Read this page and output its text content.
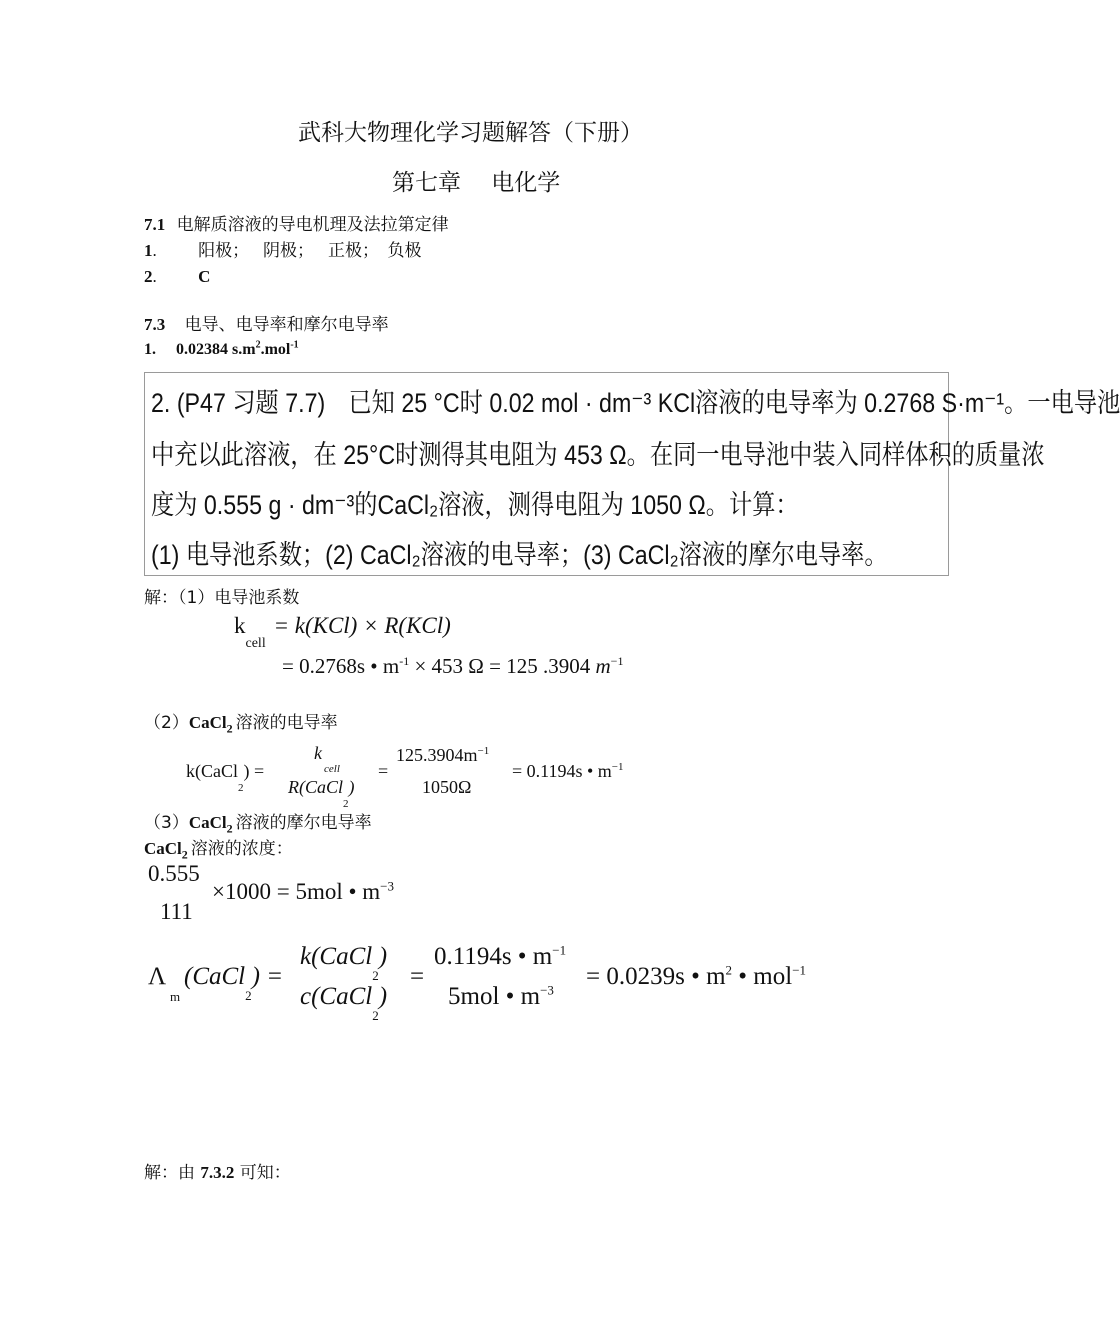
武科大物理化学习题解答（下册）
第七章　 电化学
7.1 电解质溶液的导电机理及法拉第定律
1. 阳极；　 阴极；　 正极；　负极
2. C
7.3 电导、电导率和摩尔电导率
1. 0.02384 $s.m^2.mol^{-1}$
2. (P47 习题 7.7)　已知 25 °C时 0.02 mol · dm⁻³ KCl溶液的电导率为 0.2768 S·m⁻¹。一电导池
中充以此溶液，在 25°C时测得其电阻为 453 Ω。在同一电导池中装入同样体积的质量浓
度为 0.555 g · dm⁻³的CaCl₂溶液，测得电阻为 1050 Ω。计算：
(1) 电导池系数；(2) CaCl₂溶液的电导率；(3) CaCl₂溶液的摩尔电导率。
解：（1）电导池系数
$k_{cell} = k(KCl) \times R(KCl)$
= 0.2768s • $m^{-1} \times 453$ Ω = 125 .3904 $m^{-1}$
（2）CaCl$_2$ 溶液的电导率
k(CaCl$_2$) =
k
cell
R(CaCl$_2$)
=
$125.3904m^{-1}$
1050Ω
= 0.1194s • $m^{-1}$
（3）CaCl$_2$ 溶液的摩尔电导率
CaCl$_2$ 溶液的浓度：
0.555
111
×1000 = 5mol • $m^{-3}$
Λ
m
(CaCl$_2$) =
k(CaCl$_2$)
c(CaCl$_2$)
=
0.1194s • $m^{-1}$
5mol • $m^{-3}$
= 0.0239s • $m^2$ • mol$^{-1}$
解：由 7.3.2 可知：
